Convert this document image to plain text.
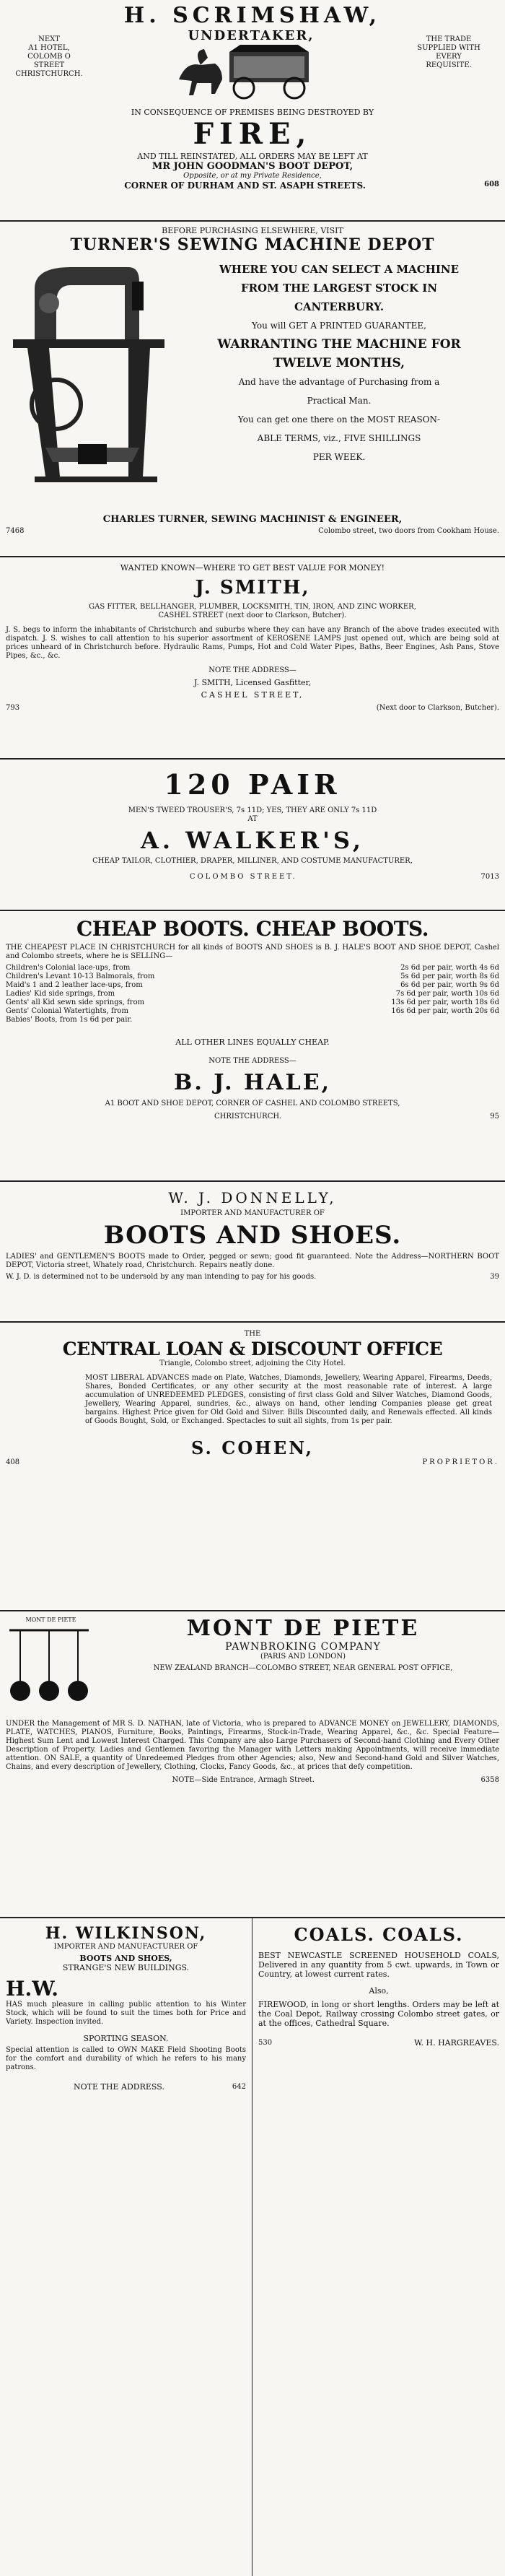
H. SCRIMSHAW,
NEXT
A1 HOTEL,
COLOMB O STREET
CHRISTCHURCH.
UNDERTAKER,	THE TRADE
SUPPLIED WITH
EVERY
REQUISITE.
IN CONSEQUENCE OF PREMISES BEING DESTROYED BY
FIRE,
AND TILL REINSTATED, ALL ORDERS MAY BE LEFT AT
MR JOHN GOODMAN'S BOOT DEPOT,
Opposite, or at my Private Residence,
CORNER OF DURHAM AND ST. ASAPH STREETS.	608
BEFORE PURCHASING ELSEWHERE, VISIT
TURNER'S SEWING MACHINE DEPOT
WHERE YOU CAN SELECT A MACHINE
FROM THE LARGEST STOCK IN
CANTERBURY.
You will GET A PRINTED GUARANTEE,
WARRANTING THE MACHINE FOR
TWELVE MONTHS,
And have the advantage of Purchasing from a
Practical Man.
You can get one there on the MOST REASON-
ABLE TERMS, viz., FIVE SHILLINGS
PER WEEK.
CHARLES TURNER, SEWING MACHINIST & ENGINEER,
7468	Colombo street, two doors from Cookham House.
WANTED KNOWN—WHERE TO GET BEST VALUE FOR MONEY!
J. SMITH,
GAS FITTER, BELLHANGER, PLUMBER, LOCKSMITH, TIN, IRON, AND ZINC WORKER,
CASHEL STREET (next door to Clarkson, Butcher).
J. S. begs to inform the inhabitants of Christchurch and suburbs where they can have any Branch of the above trades executed with dispatch. J. S. wishes to call attention to his superior assortment of KEROSENE LAMPS just opened out, which are being sold at prices unheard of in Christchurch before. Hydraulic Rams, Pumps, Hot and Cold Water Pipes, Baths, Beer Engines, Ash Pans, Stove Pipes, &c., &c.
NOTE THE ADDRESS—
J. SMITH, Licensed Gasfitter,
CASHEL STREET,
793	(Next door to Clarkson, Butcher).
120 PAIR
MEN'S TWEED TROUSER'S, 7s 11D; YES, THEY ARE ONLY 7s 11D
AT
A. WALKER'S,
CHEAP TAILOR, CLOTHIER, DRAPER, MILLINER, AND COSTUME MANUFACTURER,
COLOMBO STREET.	7013
CHEAP BOOTS. CHEAP BOOTS.
THE CHEAPEST PLACE IN CHRISTCHURCH for all kinds of BOOTS AND SHOES is B. J. HALE'S BOOT AND SHOE DEPOT, Cashel and Colombo streets, where he is SELLING—
Children's Colonial lace-ups, from	2s 6d per pair, worth 4s 6d
Children's Levant 10-13 Balmorals, from	5s 6d per pair, worth 8s 6d
Maid's 1 and 2 leather lace-ups, from	6s 6d per pair, worth 9s 6d
Ladies' Kid side springs, from	7s 6d per pair, worth 10s 6d
Gents' all Kid sewn side springs, from	13s 6d per pair, worth 18s 6d
Gents' Colonial Watertights, from	16s 6d per pair, worth 20s 6d
Babies' Boots, from 1s 6d per pair.
ALL OTHER LINES EQUALLY CHEAP.
NOTE THE ADDRESS—
B. J. HALE,
A1 BOOT AND SHOE DEPOT, CORNER OF CASHEL AND COLOMBO STREETS,
CHRISTCHURCH.	95
W. J. DONNELLY,
IMPORTER AND MANUFACTURER OF
BOOTS AND SHOES.
LADIES' and GENTLEMEN'S BOOTS made to Order, pegged or sewn; good fit guaranteed. Note the Address—NORTHERN BOOT DEPOT, Victoria street, Whately road, Christchurch. Repairs neatly done.
W. J. D. is determined not to be undersold by any man intending to pay for his goods.	39
THE
CENTRAL LOAN & DISCOUNT OFFICE
Triangle, Colombo street, adjoining the City Hotel.
MOST LIBERAL ADVANCES made on Plate, Watches, Diamonds, Jewellery, Wearing Apparel, Firearms, Deeds, Shares, Bonded Certificates, or any other security at the most reasonable rate of interest. A large accumulation of UNREDEEMED PLEDGES, consisting of first class Gold and Silver Watches, Diamond Goods, Jewellery, Wearing Apparel, sundries, &c., always on hand, other lending Companies please get great bargains. Highest Price given for Old Gold and Silver. Bills Discounted daily, and Renewals effected. All kinds of Goods Bought, Sold, or Exchanged. Spectacles to suit all sights, from 1s per pair.
S. COHEN,
408	PROPRIETOR.
MONT DE PIETE	MONT DE PIETE
PAWNBROKING COMPANY
(PARIS AND LONDON)
NEW ZEALAND BRANCH—COLOMBO STREET, NEAR GENERAL POST OFFICE,
UNDER the Management of MR S. D. NATHAN, late of Victoria, who is prepared to ADVANCE MONEY on JEWELLERY, DIAMONDS, PLATE, WATCHES, PIANOS, Furniture, Books, Paintings, Firearms, Stock-in-Trade, Wearing Apparel, &c., &c. Special Feature—Highest Sum Lent and Lowest Interest Charged. This Company are also Large Purchasers of Second-hand Clothing and Every Other Description of Property. Ladies and Gentlemen favoring the Manager with Letters making Appointments, will receive immediate attention. ON SALE, a quantity of Unredeemed Pledges from other Agencies; also, New and Second-hand Gold and Silver Watches, Chains, and every description of Jewellery, Clothing, Clocks, Fancy Goods, &c., at prices that defy competition.
NOTE—Side Entrance, Armagh Street.	6358
H. WILKINSON,
IMPORTER AND MANUFACTURER OF
BOOTS AND SHOES,
STRANGE'S NEW BUILDINGS.
H.W.
HAS much pleasure in calling public attention to his Winter Stock, which will be found to suit the times both for Price and Variety. Inspection invited.
SPORTING SEASON.
Special attention is called to OWN MAKE Field Shooting Boots for the comfort and durability of which he refers to his many patrons.
NOTE THE ADDRESS.	642
COALS. COALS.
BEST NEWCASTLE SCREENED HOUSEHOLD COALS, Delivered in any quantity from 5 cwt. upwards, in Town or Country, at lowest current rates.
Also,
FIREWOOD, in long or short lengths. Orders may be left at the Coal Depot, Railway crossing Colombo street gates, or at the offices, Cathedral Square.
530	W. H. HARGREAVES.
